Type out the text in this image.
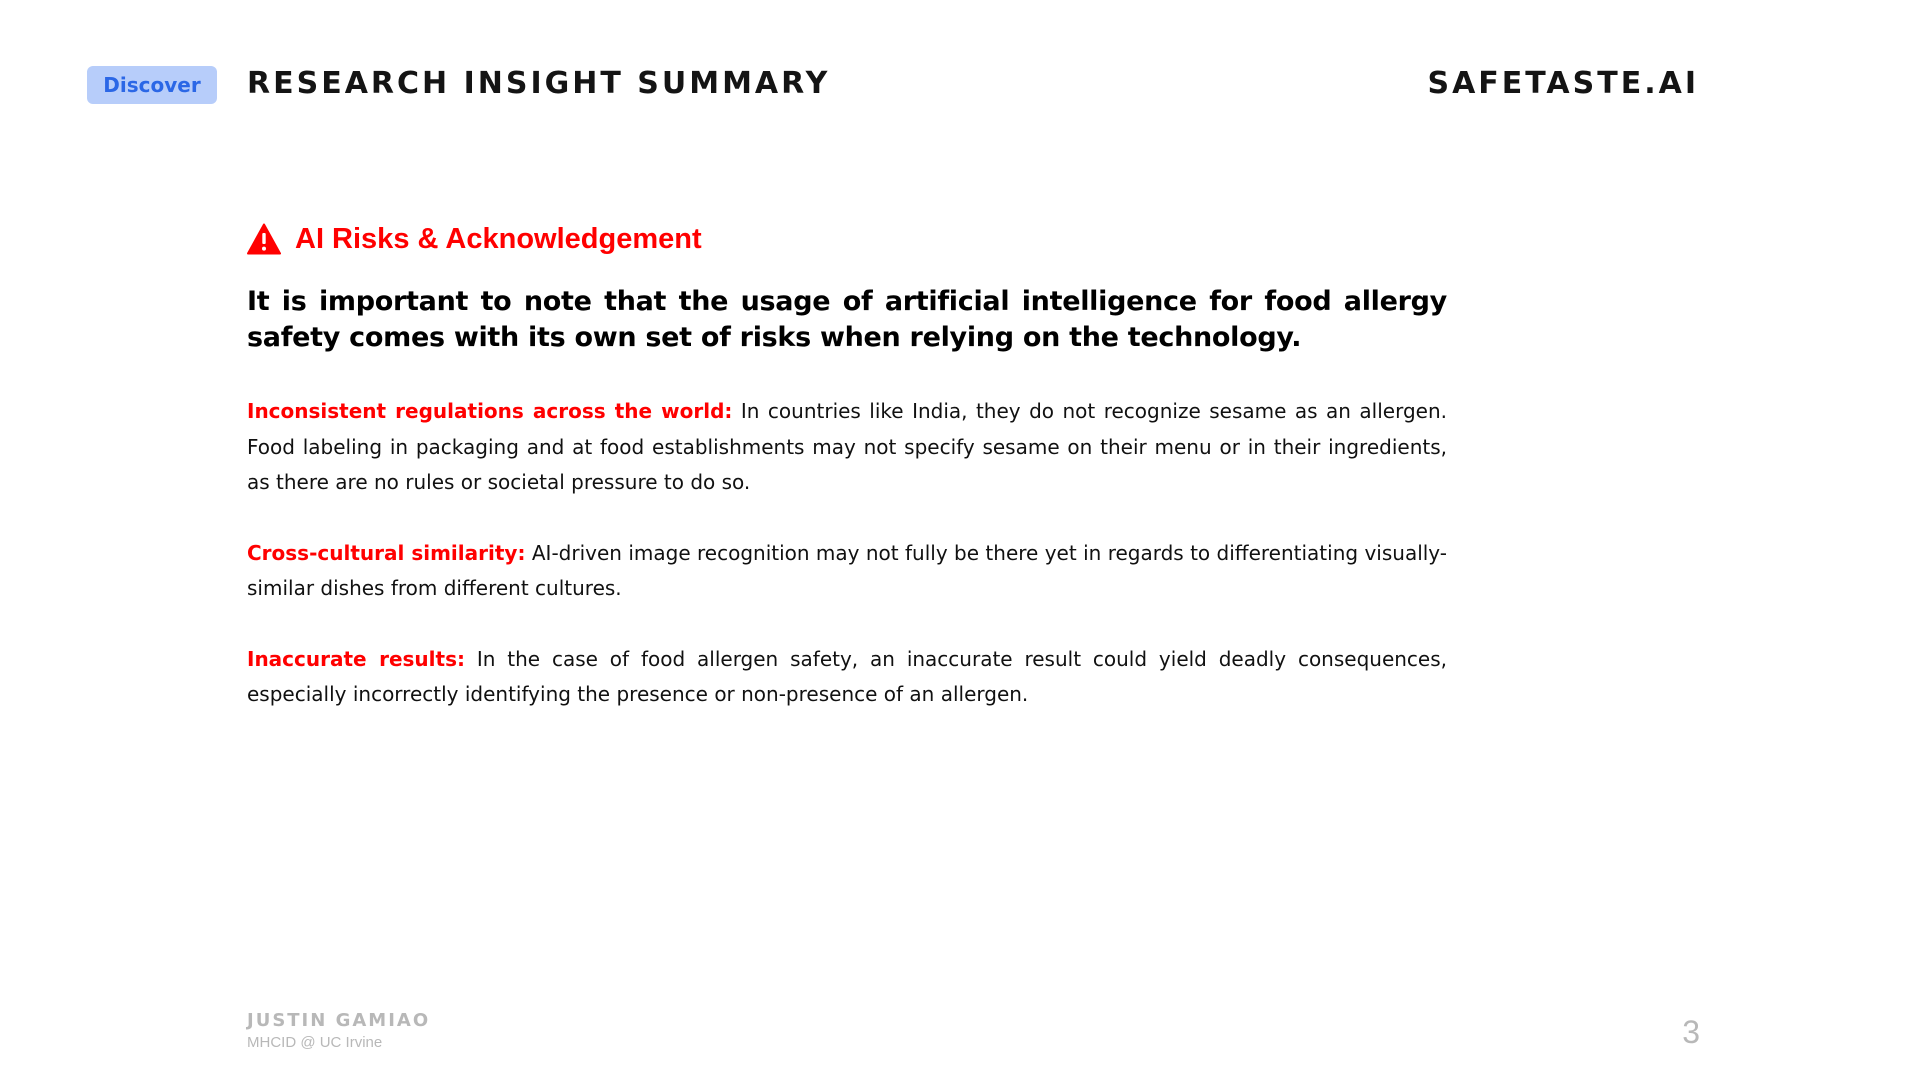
Discover	RESEARCH INSIGHT SUMMARY	SAFETASTE.AI
AI Risks & Acknowledgement
It is important to note that the usage of artificial intelligence for food allergy safety comes with its own set of risks when relying on the technology.
Inconsistent regulations across the world: In countries like India, they do not recognize sesame as an allergen. Food labeling in packaging and at food establishments may not specify sesame on their menu or in their ingredients, as there are no rules or societal pressure to do so.
Cross-cultural similarity: AI-driven image recognition may not fully be there yet in regards to differentiating visually-similar dishes from different cultures.
Inaccurate results: In the case of food allergen safety, an inaccurate result could yield deadly consequences, especially incorrectly identifying the presence or non-presence of an allergen.
JUSTIN GAMIAO
MHCID @ UC Irvine	3
